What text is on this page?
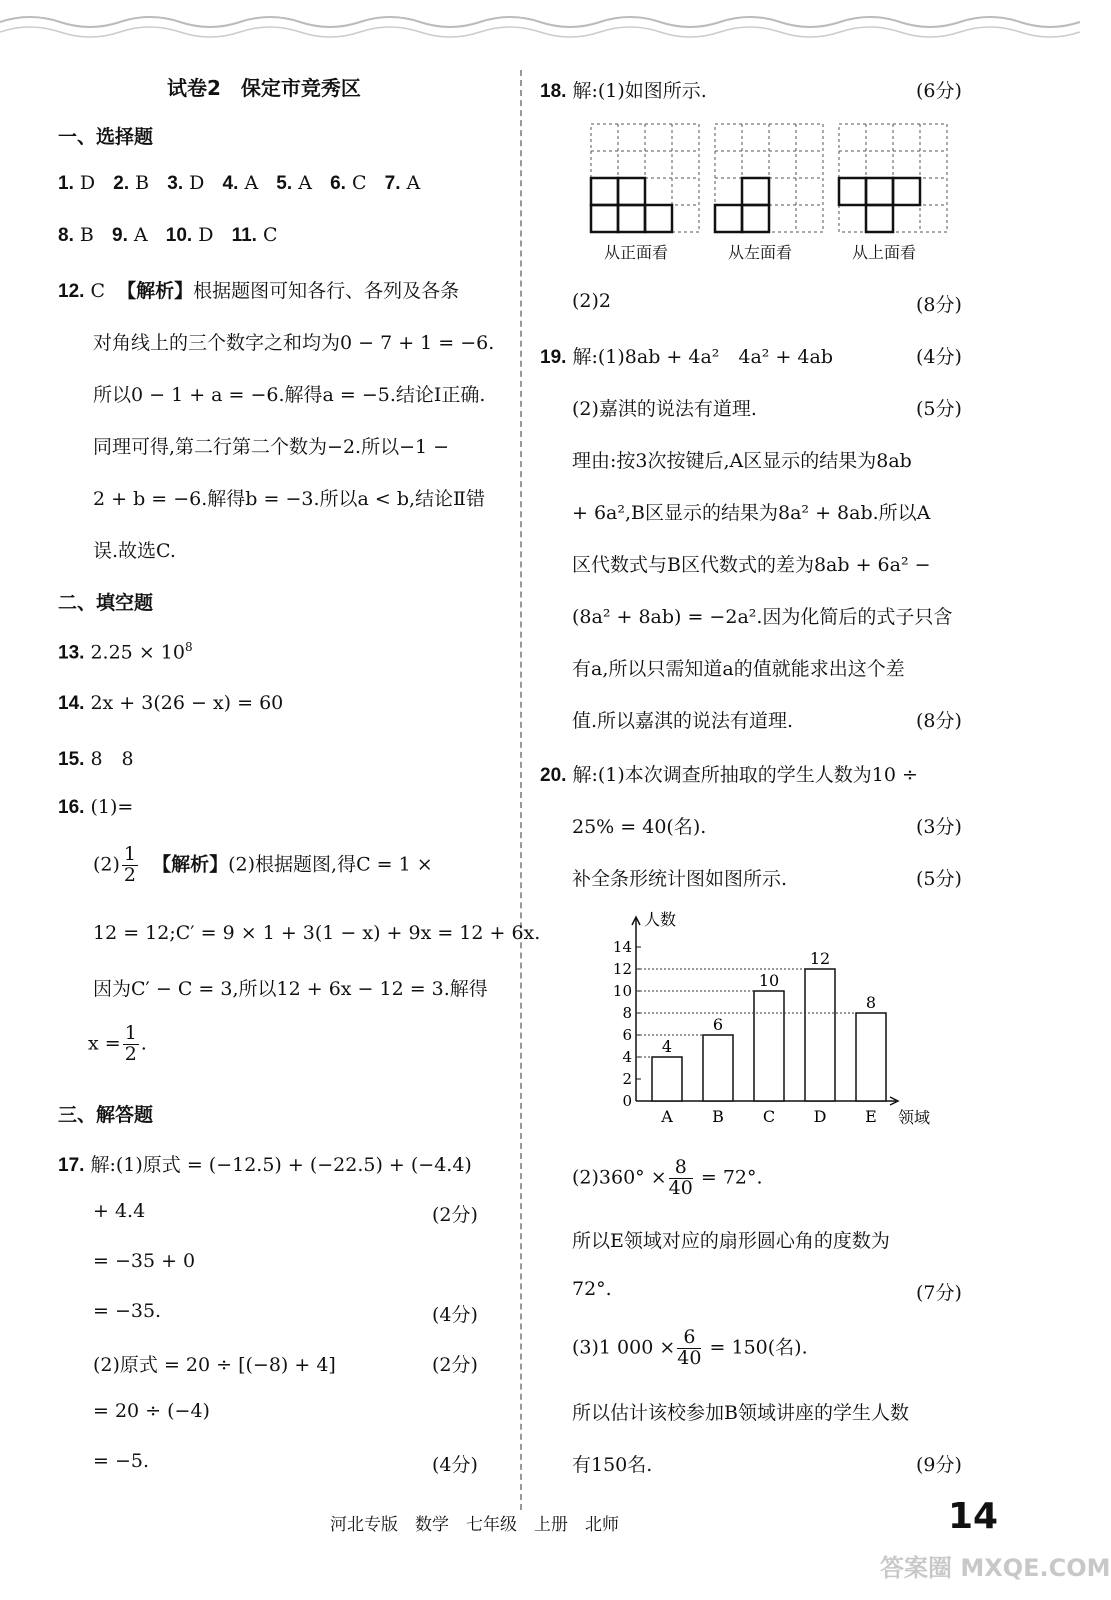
试卷2　保定市竞秀区
一、选择题
1. D 2. B 3. D 4. A 5. A 6. C 7. A
8. B 9. A 10. D 11. C
12. C 【解析】根据题图可知各行、各列及各条
对角线上的三个数字之和均为0 − 7 + 1 = −6.
所以0 − 1 + a = −6.解得a = −5.结论Ⅰ正确.
同理可得,第二行第二个数为−2.所以−1 −
2 + b = −6.解得b = −3.所以a < b,结论Ⅱ错
误.故选C.
二、填空题
13. $2.25 \times 10^8$
14. 2x + 3(26 − x) = 60
15. 8　8
16. (1)=
$(2) \frac{1}{2}$ 【解析】(2)根据题图,得C = 1 ×
12 = 12;C′ = 9 × 1 + 3(1 − x) + 9x = 12 + 6x.
因为C′ − C = 3,所以12 + 6x − 12 = 3.解得
$x = \frac{1}{2}$ .
三、解答题
17. 解:(1)原式 = (−12.5) + (−22.5) + (−4.4)
+ 4.4	(2分)
= −35 + 0
= −35.	(4分)
(2)原式 = 20 ÷ [(−8) + 4]	(2分)
= 20 ÷ (−4)
= −5.	(4分)
18. 解:(1)如图所示.	(6分)
从正面看	从左面看	从上面看
(2)2	(8分)
19. 解:(1)8ab + 4a²　4a² + 4ab	(4分)
(2)嘉淇的说法有道理.	(5分)
理由:按3次按键后,A区显示的结果为8ab
+ 6a²,B区显示的结果为8a² + 8ab.所以A
区代数式与B区代数式的差为8ab + 6a² −
(8a² + 8ab) = −2a².因为化简后的式子只含
有a,所以只需知道a的值就能求出这个差
值.所以嘉淇的说法有道理.	(8分)
20. 解:(1)本次调查所抽取的学生人数为10 ÷
25% = 40(名).	(3分)
补全条形统计图如图所示.	(5分)
人数
领域
0
2
4
6
8
10
12
14
4
A
6
B
10
C
12
D
8
E
$(2)360^\circ \times \frac{8}{40} = 72^\circ$.
所以E领域对应的扇形圆心角的度数为
72°.	(7分)
(3)1 $000 \times \frac{6}{40} = 150$(名).
所以估计该校参加B领域讲座的学生人数
有150名.	(9分)
河北专版　数学　七年级　上册　北师	14
答案圈 MXQE.COM
